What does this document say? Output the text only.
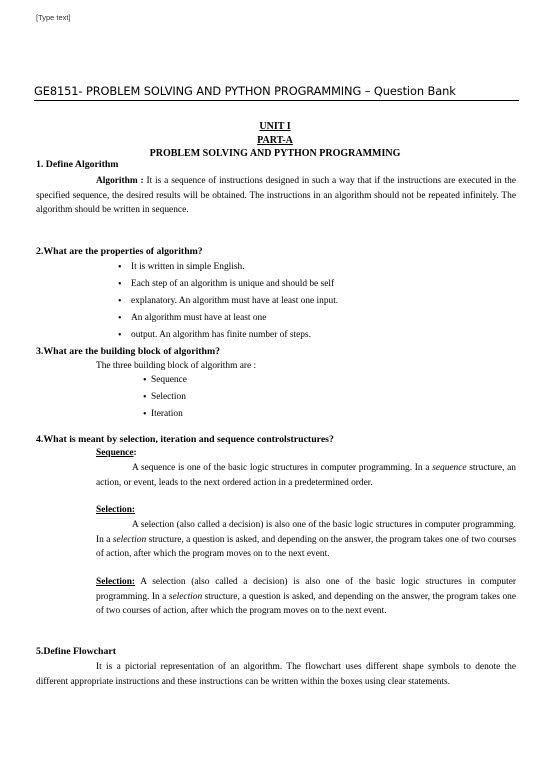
[Type text]
GE8151- PROBLEM SOLVING AND PYTHON PROGRAMMING – Question Bank
UNIT I
PART-A
PROBLEM SOLVING AND PYTHON PROGRAMMING
1. Define Algorithm
Algorithm : It is a sequence of instructions designed in such a way that if the instructions are executed in the specified sequence, the desired results will be obtained. The instructions in an algorithm should not be repeated infinitely. The algorithm should be written in sequence.
2.What are the properties of algorithm?
• It is written in simple English.
• Each step of an algorithm is unique and should be self
• explanatory. An algorithm must have at least one input.
• An algorithm must have at least one
• output. An algorithm has finite number of steps.
3.What are the building block of algorithm?
The three building block of algorithm are :
• Sequence
• Selection
• Iteration
4.What is meant by selection, iteration and sequence controlstructures?
Sequence:
A sequence is one of the basic logic structures in computer programming. In a sequence structure, an action, or event, leads to the next ordered action in a predetermined order.
Selection:
A selection (also called a decision) is also one of the basic logic structures in computer programming. In a selection structure, a question is asked, and depending on the answer, the program takes one of two courses of action, after which the program moves on to the next event.
Selection: A selection (also called a decision) is also one of the basic logic structures in computer programming. In a selection structure, a question is asked, and depending on the answer, the program takes one of two courses of action, after which the program moves on to the next event.
5.Define Flowchart
It is a pictorial representation of an algorithm. The flowchart uses different shape symbols to denote the different appropriate instructions and these instructions can be written within the boxes using clear statements.
